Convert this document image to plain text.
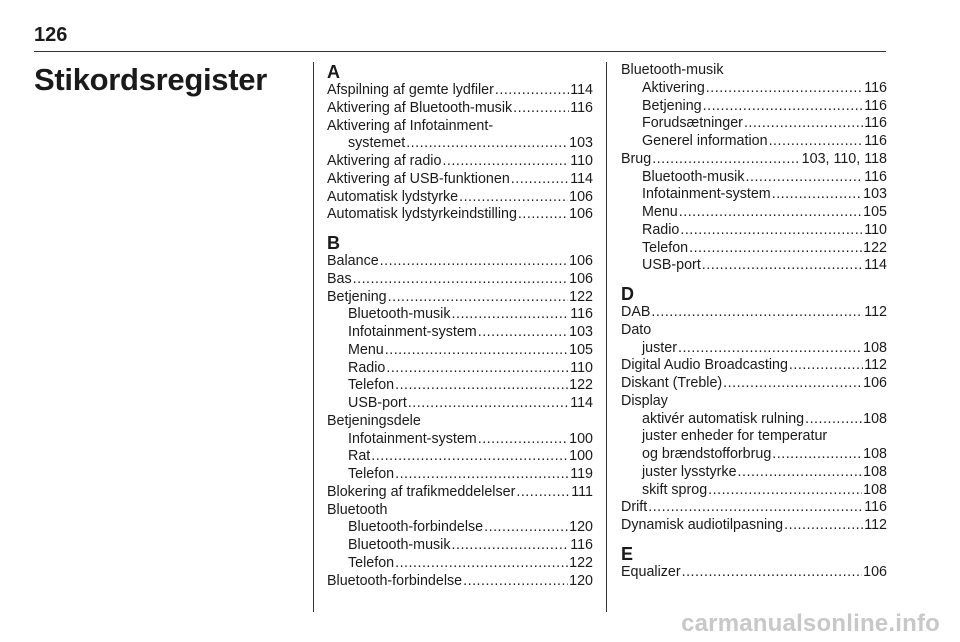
126
Stikordsregister	A
Afspilning af gemte lydfiler .....	114
Aktivering af Bluetooth-musik .....	116
Aktivering af Infotainment-
systemet .....	103
Aktivering af radio .....	110
Aktivering af USB-funktionen .....	114
Automatisk lydstyrke .....	106
Automatisk lydstyrkeindstilling .....	106
B
Balance .....	106
Bas .....	106
Betjening .....	122
Bluetooth-musik .....	116
Infotainment-system .....	103
Menu .....	105
Radio .....	110
Telefon .....	122
USB-port .....	114
Betjeningsdele
Infotainment-system .....	100
Rat .....	100
Telefon .....	119
Blokering af trafikmeddelelser .....	111
Bluetooth
Bluetooth-forbindelse .....	120
Bluetooth-musik .....	116
Telefon .....	122
Bluetooth-forbindelse .....	120
Bluetooth-musik
Aktivering .....	116
Betjening .....	116
Forudsætninger .....	116
Generel information .....	116
Brug .....	103, 110, 118
Bluetooth-musik .....	116
Infotainment-system .....	103
Menu .....	105
Radio .....	110
Telefon .....	122
USB-port .....	114
D
DAB .....	112
Dato
juster .....	108
Digital Audio Broadcasting .....	112
Diskant (Treble) .....	106
Display
aktivér automatisk rulning .....	108
juster enheder for temperatur
og brændstofforbrug .....	108
juster lysstyrke .....	108
skift sprog .....	108
Drift .....	116
Dynamisk audiotilpasning .....	112
E
Equalizer .....	106
carmanualsonline.info
